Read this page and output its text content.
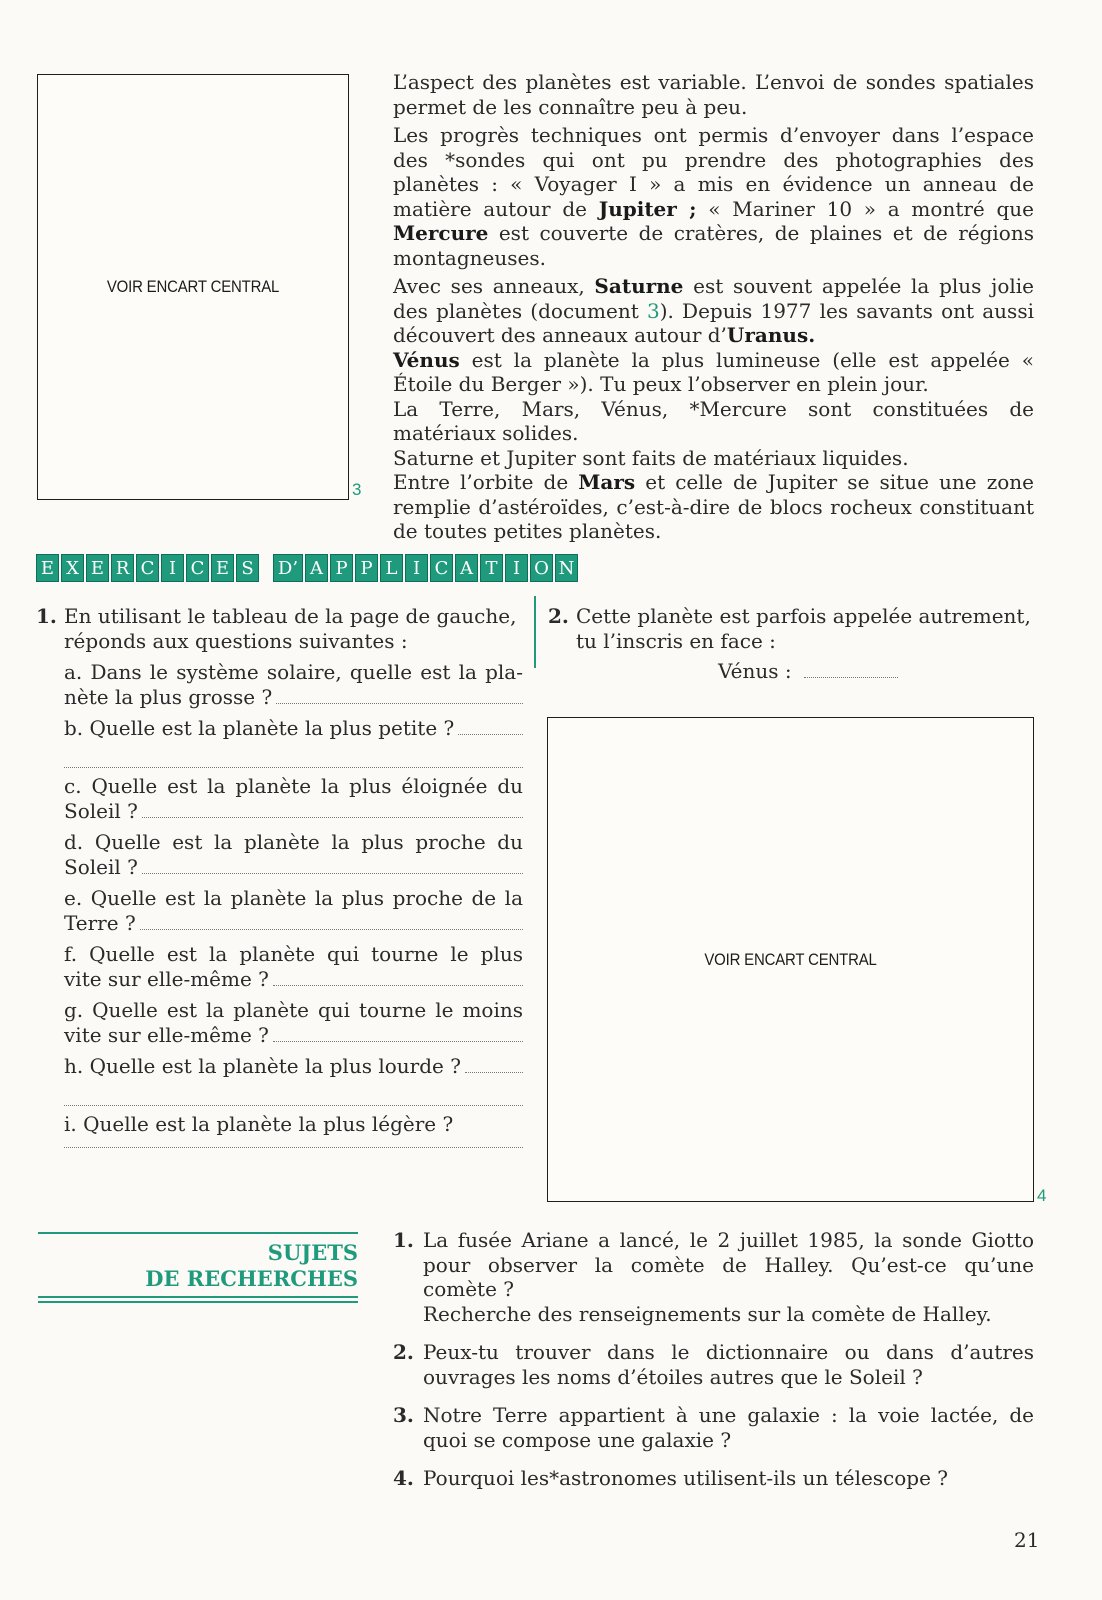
VOIR ENCART CENTRAL
3

L’aspect des planètes est variable. L’envoi de sondes spatiales permet de les connaître peu à peu.

Les progrès techniques ont permis d’envoyer dans l’espace des *sondes qui ont pu prendre des photographies des planètes : « Voyager I » a mis en évidence un anneau de matière autour de Jupiter ; « Mariner 10 » a montré que Mercure est couverte de cratères, de plaines et de régions montagneuses.

Avec ses anneaux, Saturne est souvent appelée la plus jolie des planètes (document 3). Depuis 1977 les savants ont aussi découvert des anneaux autour d’Uranus.

Vénus est la planète la plus lumineuse (elle est appelée « Étoile du Berger »). Tu peux l’observer en plein jour.

La Terre, Mars, Vénus, *Mercure sont constituées de matériaux solides.

Saturne et Jupiter sont faits de matériaux liquides.

Entre l’orbite de Mars et celle de Jupiter se situe une zone remplie d’astéroïdes, c’est-à-dire de blocs rocheux constituant de toutes petites planètes.

E X E R C I C E S D’ A P P L I C A T I O N
1. En utilisant le tableau de la page de gauche, réponds aux questions suivantes :
a. Dans le système solaire, quelle est la pla-
nète la plus grosse ?
b. Quelle est la planète la plus petite ?
c. Quelle est la planète la plus éloignée du
Soleil ?
d. Quelle est la planète la plus proche du
Soleil ?
e. Quelle est la planète la plus proche de la
Terre ?
f. Quelle est la planète qui tourne le plus
vite sur elle-même ?
g. Quelle est la planète qui tourne le moins
vite sur elle-même ?
h. Quelle est la planète la plus lourde ?
i. Quelle est la planète la plus légère ?
2. Cette planète est parfois appelée autrement, tu l’inscris en face :
Vénus :
VOIR ENCART CENTRAL
4
SUJETS
DE RECHERCHES
1. La fusée Ariane a lancé, le 2 juillet 1985, la sonde Giotto pour observer la comète de Halley. Qu’est-ce qu’une comète ?
Recherche des renseignements sur la comète de Halley.
2. Peux-tu trouver dans le dictionnaire ou dans d’autres ouvrages les noms d’étoiles autres que le Soleil ?
3. Notre Terre appartient à une galaxie : la voie lactée, de quoi se compose une galaxie ?
4. Pourquoi les*astronomes utilisent-ils un télescope ?
21
